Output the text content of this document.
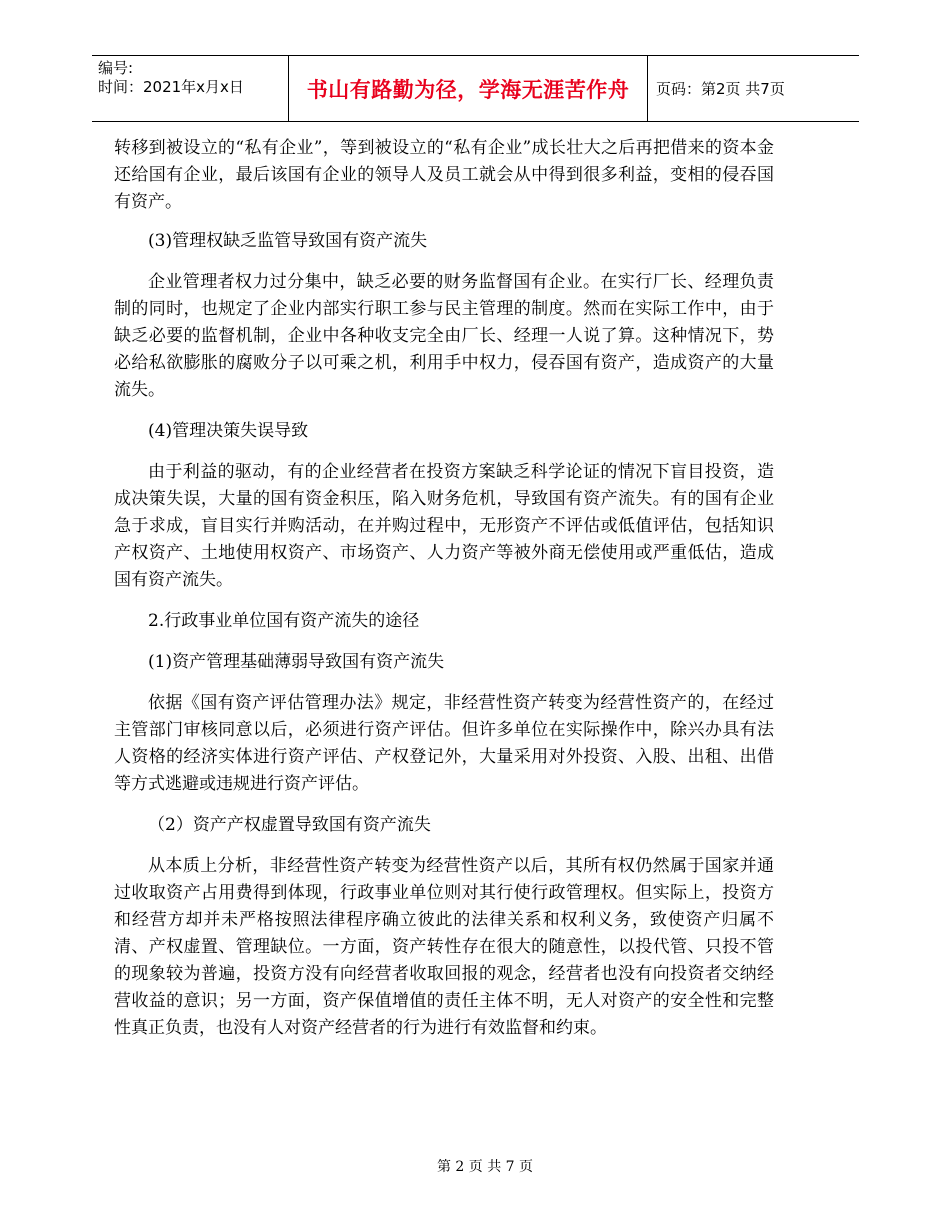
编号:
时间：2021年x月x日	书山有路勤为径，学海无涯苦作舟	页码：第2页 共7页

转移到被设立的“私有企业”，等到被设立的“私有企业”成长壮大之后再把借来的资本金还给国有企业，最后该国有企业的领导人及员工就会从中得到很多利益，变相的侵吞国有资产。

(3)管理权缺乏监管导致国有资产流失

企业管理者权力过分集中，缺乏必要的财务监督国有企业。在实行厂长、经理负责制的同时，也规定了企业内部实行职工参与民主管理的制度。然而在实际工作中，由于缺乏必要的监督机制，企业中各种收支完全由厂长、经理一人说了算。这种情况下，势必给私欲膨胀的腐败分子以可乘之机，利用手中权力，侵吞国有资产，造成资产的大量流失。

(4)管理决策失误导致

由于利益的驱动，有的企业经营者在投资方案缺乏科学论证的情况下盲目投资，造成决策失误，大量的国有资金积压，陷入财务危机，导致国有资产流失。有的国有企业急于求成，盲目实行并购活动，在并购过程中，无形资产不评估或低值评估，包括知识产权资产、土地使用权资产、市场资产、人力资产等被外商无偿使用或严重低估，造成国有资产流失。

2.行政事业单位国有资产流失的途径

(1)资产管理基础薄弱导致国有资产流失

依据《国有资产评估管理办法》规定，非经营性资产转变为经营性资产的，在经过主管部门审核同意以后，必须进行资产评估。但许多单位在实际操作中，除兴办具有法人资格的经济实体进行资产评估、产权登记外，大量采用对外投资、入股、出租、出借等方式逃避或违规进行资产评估。

（2）资产产权虚置导致国有资产流失

从本质上分析，非经营性资产转变为经营性资产以后，其所有权仍然属于国家并通过收取资产占用费得到体现，行政事业单位则对其行使行政管理权。但实际上，投资方和经营方却并未严格按照法律程序确立彼此的法律关系和权利义务，致使资产归属不清、产权虚置、管理缺位。一方面，资产转性存在很大的随意性，以投代管、只投不管的现象较为普遍，投资方没有向经营者收取回报的观念，经营者也没有向投资者交纳经营收益的意识；另一方面，资产保值增值的责任主体不明，无人对资产的安全性和完整性真正负责，也没有人对资产经营者的行为进行有效监督和约束。

第 2 页 共 7 页
